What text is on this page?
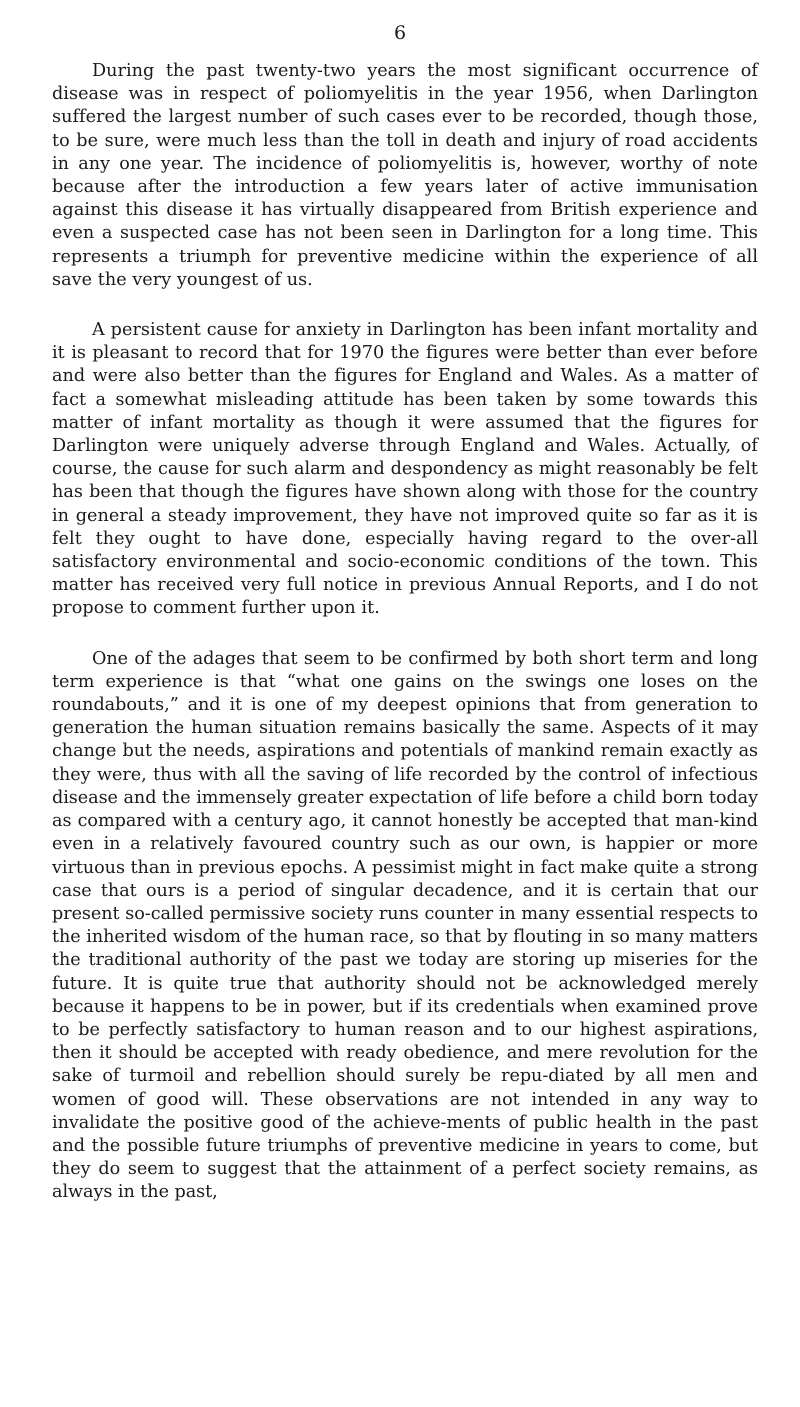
6

During the past twenty-two years the most significant occurrence of disease was in respect of poliomyelitis in the year 1956, when Darlington suffered the largest number of such cases ever to be recorded, though those, to be sure, were much less than the toll in death and injury of road accidents in any one year. The incidence of poliomyelitis is, however, worthy of note because after the introduction a few years later of active immunisation against this disease it has virtually disappeared from British experience and even a suspected case has not been seen in Darlington for a long time. This represents a triumph for preventive medicine within the experience of all save the very youngest of us.

A persistent cause for anxiety in Darlington has been infant mortality and it is pleasant to record that for 1970 the figures were better than ever before and were also better than the figures for England and Wales. As a matter of fact a somewhat misleading attitude has been taken by some towards this matter of infant mortality as though it were assumed that the figures for Darlington were uniquely adverse through England and Wales. Actually, of course, the cause for such alarm and despondency as might reasonably be felt has been that though the figures have shown along with those for the country in general a steady improvement, they have not improved quite so far as it is felt they ought to have done, especially having regard to the over-all satisfactory environmental and socio-economic conditions of the town. This matter has received very full notice in previous Annual Reports, and I do not propose to comment further upon it.

One of the adages that seem to be confirmed by both short term and long term experience is that “what one gains on the swings one loses on the roundabouts,” and it is one of my deepest opinions that from generation to generation the human situation remains basically the same. Aspects of it may change but the needs, aspirations and potentials of mankind remain exactly as they were, thus with all the saving of life recorded by the control of infectious disease and the immensely greater expectation of life before a child born today as compared with a century ago, it cannot honestly be accepted that man-kind even in a relatively favoured country such as our own, is happier or more virtuous than in previous epochs. A pessimist might in fact make quite a strong case that ours is a period of singular decadence, and it is certain that our present so-called permissive society runs counter in many essential respects to the inherited wisdom of the human race, so that by flouting in so many matters the traditional authority of the past we today are storing up miseries for the future. It is quite true that authority should not be acknowledged merely because it happens to be in power, but if its credentials when examined prove to be perfectly satisfactory to human reason and to our highest aspirations, then it should be accepted with ready obedience, and mere revolution for the sake of turmoil and rebellion should surely be repu-diated by all men and women of good will. These observations are not intended in any way to invalidate the positive good of the achieve-ments of public health in the past and the possible future triumphs of preventive medicine in years to come, but they do seem to suggest that the attainment of a perfect society remains, as always in the past,
